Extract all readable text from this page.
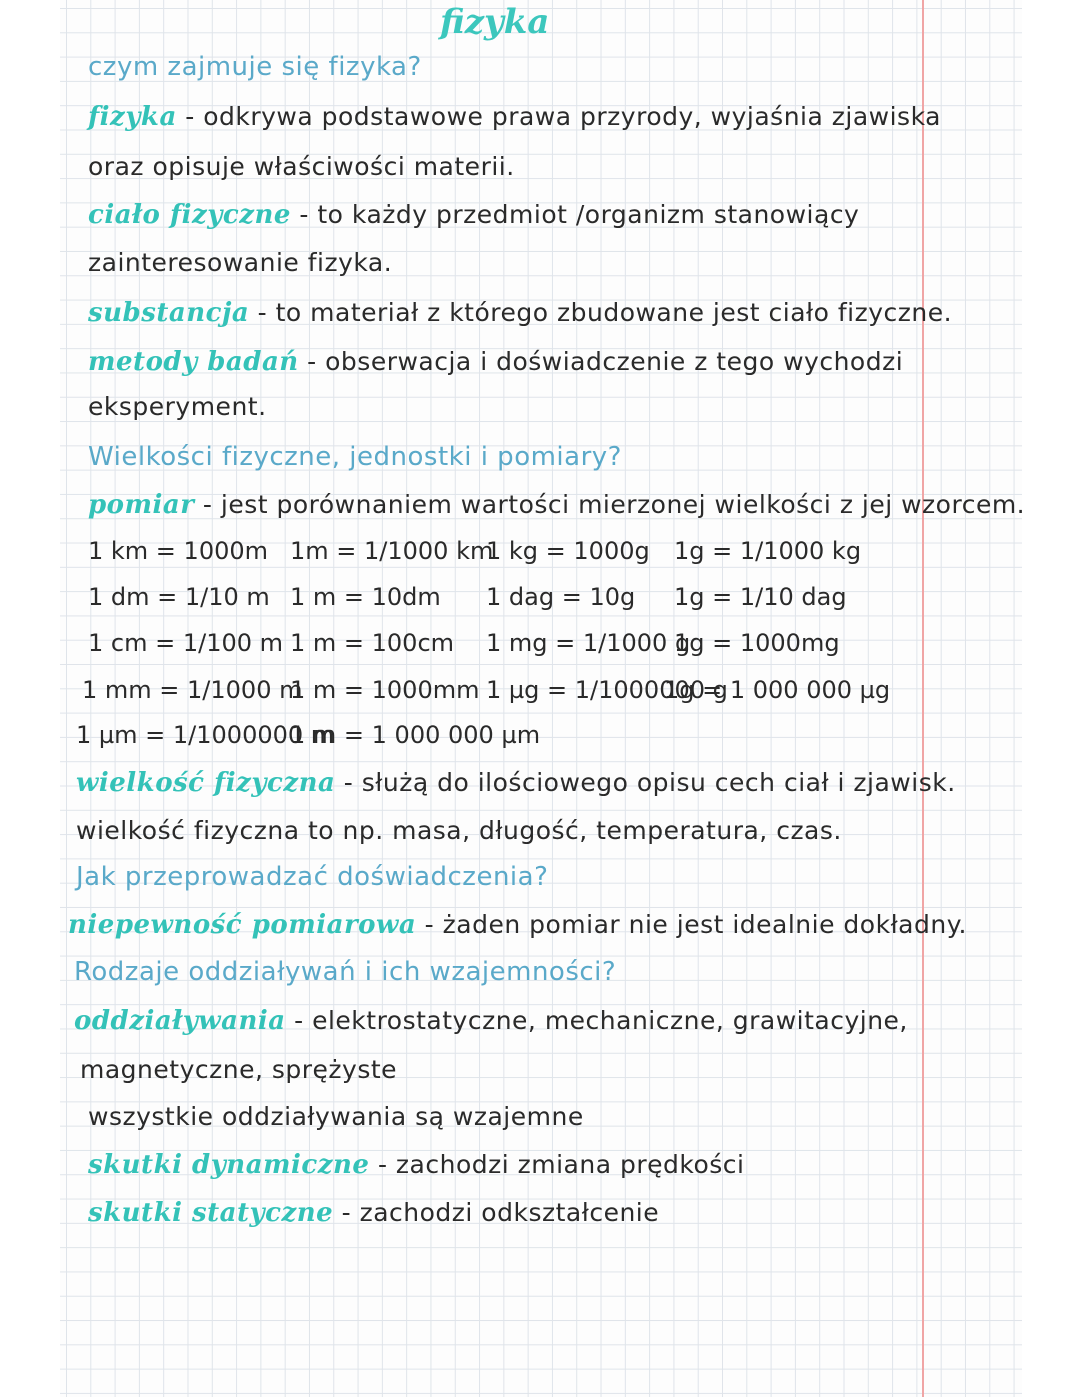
fizyka
czym zajmuje się fizyka?
fizyka - odkrywa podstawowe prawa przyrody, wyjaśnia zjawiska
oraz opisuje właściwości materii.
ciało fizyczne - to każdy przedmiot /organizm stanowiący
zainteresowanie fizyka.
substancja - to materiał z którego zbudowane jest ciało fizyczne.
metody badań - obserwacja i doświadczenie z tego wychodzi
eksperyment.
Wielkości fizyczne, jednostki i pomiary?
pomiar - jest porównaniem wartości mierzonej wielkości z jej wzorcem.
1 km = 1000m 1m = 1/1000 km
1 kg = 1000g 1g = 1/1000 kg
1 dm = 1/10 m 1 m = 10dm 1 dag = 10g 1g = 1/10 dag
1 cm = 1/100 m 1 m = 100cm 1 mg = 1/1000 g
1g = 1000mg
1 mm = 1/1000 m
1 m = 1000mm 1 µg = 1/1000000 g
1g = 1 000 000 µg
1 µm = 1/1000000 m
1 m = 1 000 000 µm
wielkość fizyczna - służą do ilościowego opisu cech ciał i zjawisk.
wielkość fizyczna to np. masa, długość, temperatura, czas.
Jak przeprowadzać doświadczenia?
niepewność pomiarowa - żaden pomiar nie jest idealnie dokładny.
Rodzaje oddziaływań i ich wzajemności?
oddziaływania - elektrostatyczne, mechaniczne, grawitacyjne,
magnetyczne, sprężyste
wszystkie oddziaływania są wzajemne
skutki dynamiczne - zachodzi zmiana prędkości
skutki statyczne - zachodzi odkształcenie
